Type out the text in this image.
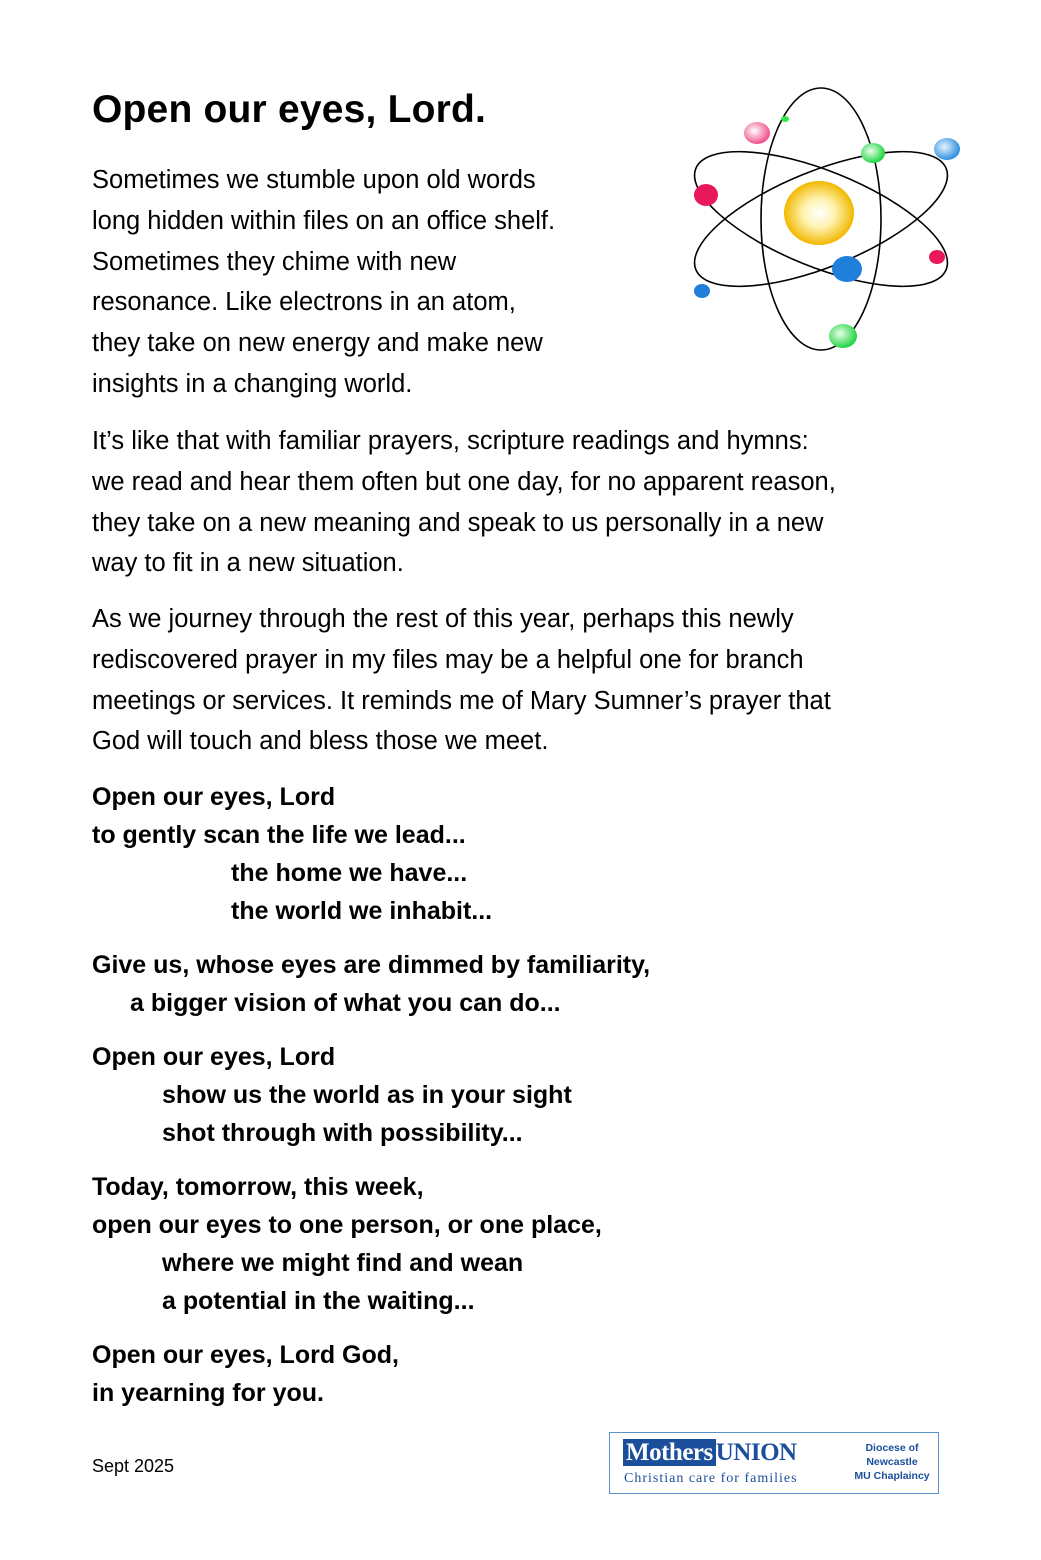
Open our eyes, Lord.
Sometimes we stumble upon old words
long hidden within files on an office shelf.
Sometimes they chime with new
resonance. Like electrons in an atom,
they take on new energy and make new
insights in a changing world.
It’s like that with familiar prayers, scripture readings and hymns:
we read and hear them often but one day, for no apparent reason,
they take on a new meaning and speak to us personally in a new
way to fit in a new situation.
As we journey through the rest of this year, perhaps this newly
rediscovered prayer in my files may be a helpful one for branch
meetings or services. It reminds me of Mary Sumner’s prayer that
God will touch and bless those we meet.
Open our eyes, Lord
to gently scan the life we lead...
the home we have...
the world we inhabit...
Give us, whose eyes are dimmed by familiarity,
a bigger vision of what you can do...
Open our eyes, Lord
show us the world as in your sight
shot through with possibility...
Today, tomorrow, this week,
open our eyes to one person, or one place,
where we might find and wean
a potential in the waiting...
Open our eyes, Lord God,
in yearning for you.
Sept 2025	Mothers UNION
Christian care for families
Diocese of
Newcastle
MU Chaplaincy
